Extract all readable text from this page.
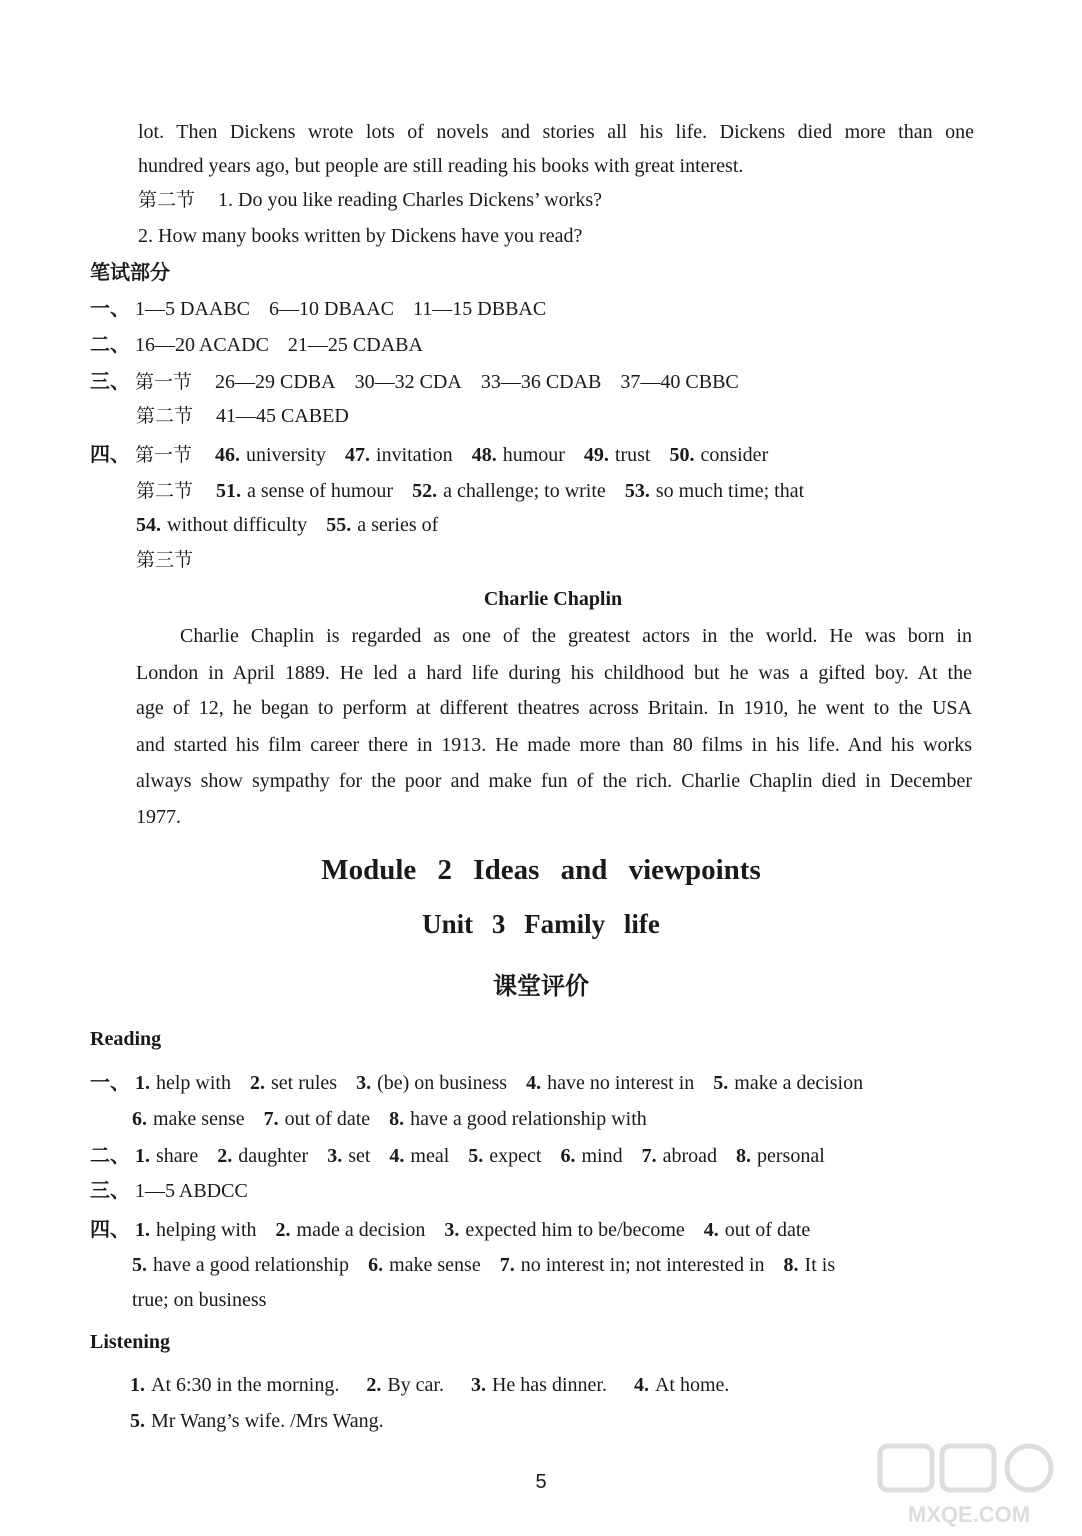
lot. Then Dickens wrote lots of novels and stories all his life. Dickens died more than one
hundred years ago, but people are still reading his books with great interest.
第二节 1. Do you like reading Charles Dickens’ works?
2. How many books written by Dickens have you read?
笔试部分
一、 1—5 DAABC 6—10 DBAAC 11—15 DBBAC
二、 16—20 ACADC 21—25 CDABA
三、 第一节 26—29 CDBA 30—32 CDA 33—36 CDAB 37—40 CBBC
第二节 41—45 CABED
四、 第一节 46. university 47. invitation 48. humour 49. trust 50. consider
第二节 51. a sense of humour 52. a challenge; to write 53. so much time; that
54. without difficulty 55. a series of
第三节
Charlie Chaplin
Charlie Chaplin is regarded as one of the greatest actors in the world. He was born in
London in April 1889. He led a hard life during his childhood but he was a gifted boy. At the
age of 12, he began to perform at different theatres across Britain. In 1910, he went to the USA
and started his film career there in 1913. He made more than 80 films in his life. And his works
always show sympathy for the poor and make fun of the rich. Charlie Chaplin died in December
1977.
Module 2 Ideas and viewpoints
Unit 3 Family life
课堂评价
Reading
一、 1. help with 2. set rules 3. (be) on business 4. have no interest in 5. make a decision
6. make sense 7. out of date 8. have a good relationship with
二、 1. share 2. daughter 3. set 4. meal 5. expect 6. mind 7. abroad 8. personal
三、 1—5 ABDCC
四、 1. helping with 2. made a decision 3. expected him to be/become 4. out of date
5. have a good relationship 6. make sense 7. no interest in; not interested in 8. It is
true; on business
Listening
1. At 6:30 in the morning. 2. By car. 3. He has dinner. 4. At home.
5. Mr Wang’s wife. /Mrs Wang.
5
MXQE.COM
